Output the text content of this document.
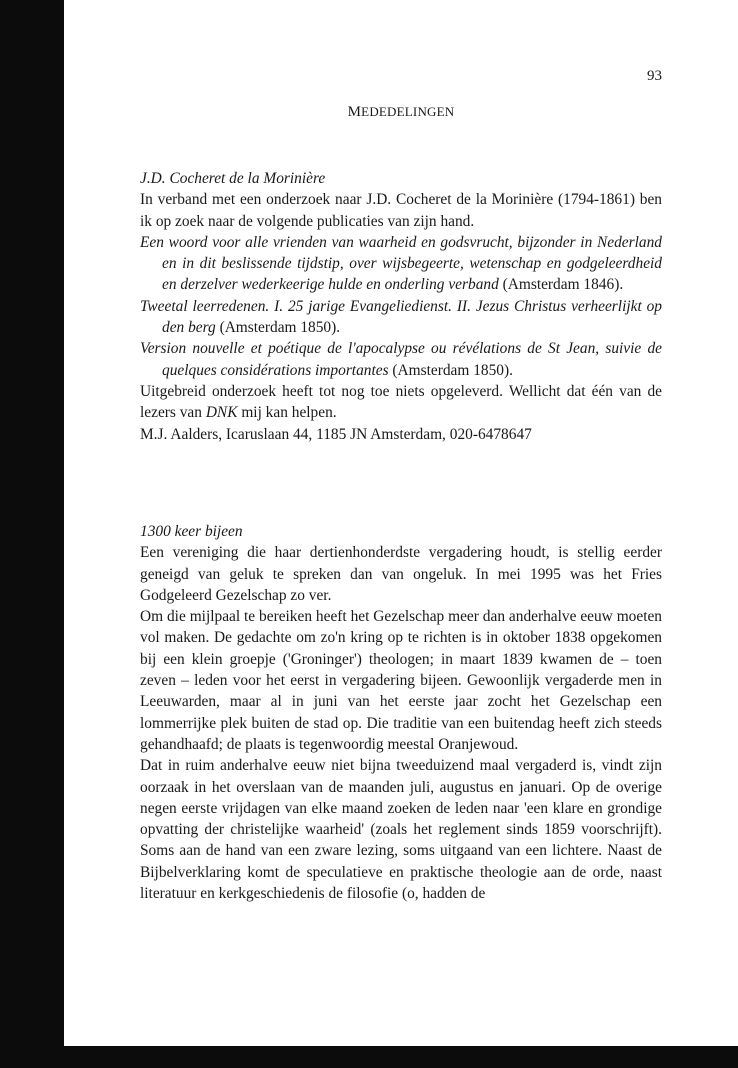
93
MEDEDELINGEN

J.D. Cocheret de la Morinière

In verband met een onderzoek naar J.D. Cocheret de la Morinière (1794-1861) ben ik op zoek naar de volgende publicaties van zijn hand.

Een woord voor alle vrienden van waarheid en godsvrucht, bijzonder in Nederland en in dit beslissende tijdstip, over wijsbegeerte, wetenschap en godgeleerdheid en derzelver wederkeerige hulde en onderling verband (Amsterdam 1846).

Tweetal leerredenen. I. 25 jarige Evangeliedienst. II. Jezus Christus verheerlijkt op den berg (Amsterdam 1850).

Version nouvelle et poétique de l'apocalypse ou révélations de St Jean, suivie de quelques considérations importantes (Amsterdam 1850).

Uitgebreid onderzoek heeft tot nog toe niets opgeleverd. Wellicht dat één van de lezers van DNK mij kan helpen.

M.J. Aalders, Icaruslaan 44, 1185 JN Amsterdam, 020-6478647

1300 keer bijeen

Een vereniging die haar dertienhonderdste vergadering houdt, is stellig eerder geneigd van geluk te spreken dan van ongeluk. In mei 1995 was het Fries Godgeleerd Gezelschap zo ver.

Om die mijlpaal te bereiken heeft het Gezelschap meer dan anderhalve eeuw moeten vol maken. De gedachte om zo'n kring op te richten is in oktober 1838 opgekomen bij een klein groepje ('Groninger') theologen; in maart 1839 kwamen de – toen zeven – leden voor het eerst in vergadering bijeen. Gewoonlijk vergaderde men in Leeuwarden, maar al in juni van het eerste jaar zocht het Gezelschap een lommerrijke plek buiten de stad op. Die traditie van een buitendag heeft zich steeds gehandhaafd; de plaats is tegenwoordig meestal Oranjewoud.

Dat in ruim anderhalve eeuw niet bijna tweeduizend maal vergaderd is, vindt zijn oorzaak in het overslaan van de maanden juli, augustus en januari. Op de overige negen eerste vrijdagen van elke maand zoeken de leden naar 'een klare en grondige opvatting der christelijke waarheid' (zoals het reglement sinds 1859 voorschrijft). Soms aan de hand van een zware lezing, soms uitgaand van een lichtere. Naast de Bijbelverklaring komt de speculatieve en praktische theologie aan de orde, naast literatuur en kerkgeschiedenis de filosofie (o, hadden de
